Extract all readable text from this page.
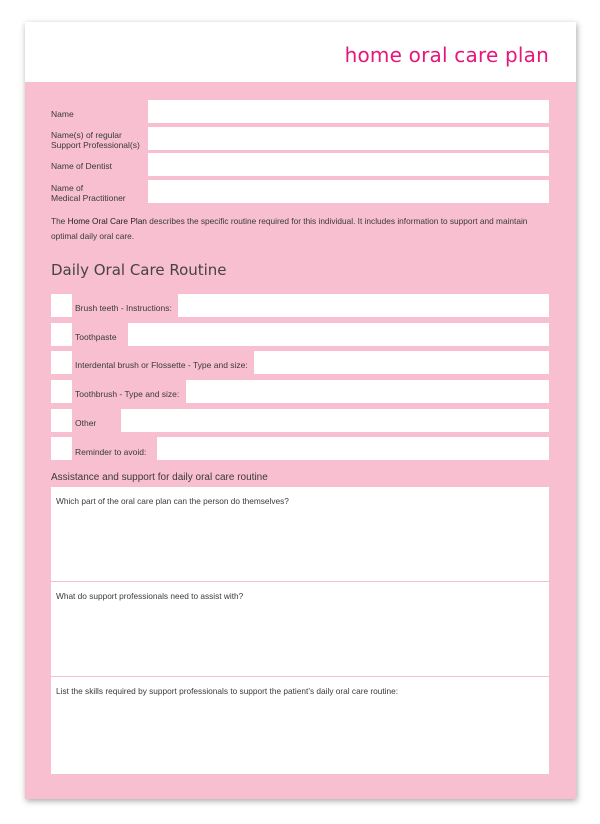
home oral care plan
Name
Name(s) of regular
Support Professional(s)
Name of Dentist
Name of
Medical Practitioner

The Home Oral Care Plan describes the specific routine required for this individual. It includes information to support and maintain
optimal daily oral care.

Daily Oral Care Routine
Brush teeth - Instructions:
Toothpaste
Interdental brush or Flossette - Type and size:
Toothbrush - Type and size:
Other
Reminder to avoid:
Assistance and support for daily oral care routine
Which part of the oral care plan can the person do themselves?
What do support professionals need to assist with?
List the skills required by support professionals to support the patient’s daily oral care routine:
